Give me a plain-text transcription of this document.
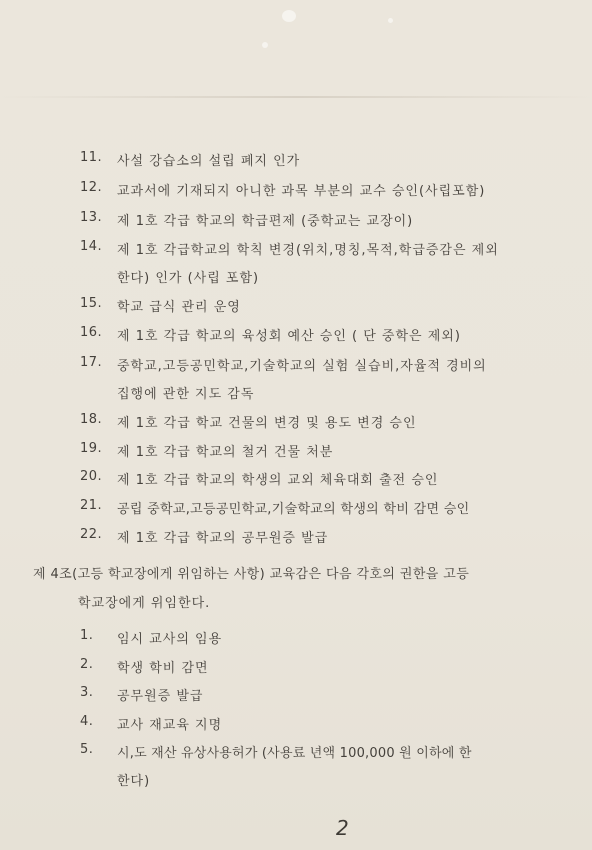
11. 사설 강습소의 설립 폐지 인가
12. 교과서에 기재되지 아니한 과목 부분의 교수 승인(사립포함)
13. 제 1호 각급 학교의 학급편제 (중학교는 교장이)
14. 제 1호 각급학교의 학칙 변경(위치,명칭,목적,학급증감은 제외
한다) 인가 (사립 포함)
15. 학교 급식 관리 운영
16. 제 1호 각급 학교의 육성회 예산 승인 ( 단 중학은 제외)
17. 중학교,고등공민학교,기술학교의 실험 실습비,자율적 경비의
집행에 관한 지도 감독
18. 제 1호 각급 학교 건물의 변경 및 용도 변경 승인
19. 제 1호 각급 학교의 철거 건물 처분
20. 제 1호 각급 학교의 학생의 교외 체육대회 출전 승인
21. 공립 중학교,고등공민학교,기술학교의 학생의 학비 감면 승인
22. 제 1호 각급 학교의 공무원증 발급
제 4조(고등 학교장에게 위임하는 사항) 교육감은 다음 각호의 권한을 고등
학교장에게 위임한다.
1. 임시 교사의 임용
2. 학생 학비 감면
3. 공무원증 발급
4. 교사 재교육 지명
5. 시,도 재산 유상사용허가 (사용료 년액 100,000 원 이하에 한
한다)
2
